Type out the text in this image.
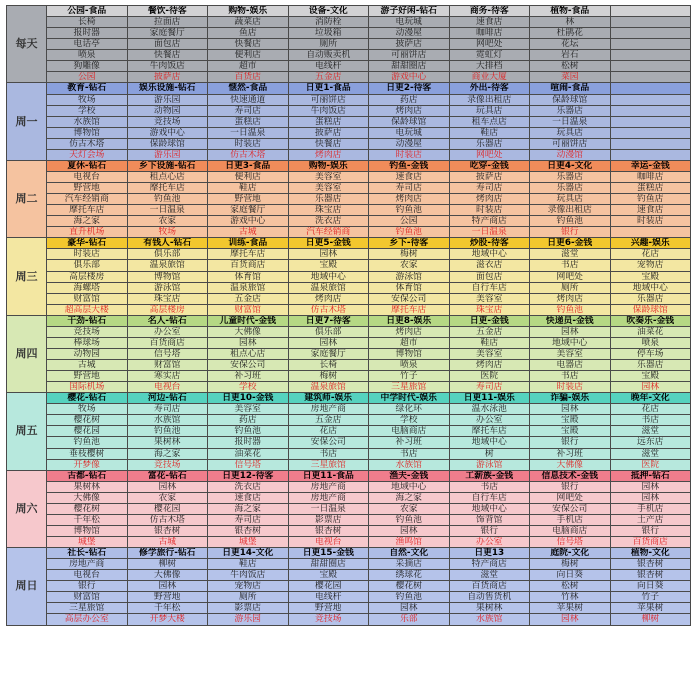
每天	公园-食品	餐饮-待客	购物-娱乐	设备-文化	游子好闲-钻石	商务-待客	植物-食品	
	长椅	拉面店	蔬菜店	消防栓	电玩城	速食店	林	
	报时器	家庭餐厅	鱼店	垃圾箱	动漫屋	咖啡店	杜鹃花	
	电话亭	面包店	快餐店	厕所	披萨店	网吧处	花坛	
	喷泉	快餐店	便利店	自动贩卖机	可丽饼店	霓虹灯	岩石	
	狗雕像	牛肉饭店	超市	电线杆	甜甜圈店	大排档	松树	
	公园	披萨店	百货店	五金店	游戏中心	商业大厦	菜园	
周一	教育-钻石	娱乐设施-钻石	惬然-食品	日更1-食品	日更2-待客	外出-待客	喧闹-食品	
	牧场	游乐园	快速通道	可丽饼店	药店	录像出租店	保龄球馆	
	学校	动物园	寿司店	牛肉饭店	烤肉店	玩具店	乐器店	
	水族馆	竞技场	蛋糕店	蛋糕店	保龄球馆	租车点店	一日温泉	
	博物馆	游戏中心	一日温泉	披萨店	电玩城	鞋店	玩具店	
	仿古木塔	保龄球馆	时装店	快餐店	动漫屋	乐器店	可丽饼店	
	天灯会场	游乐园	仿古木塔	烤肉店	时装店	网吧处	动漫馆	
周二	夏休-钻石	乡下设施-钻石	日更3-食品	购物-娱乐	钓鱼-金钱	吃穿-金钱	日更4-文化	幸运-金钱
	电视台	租点心店	便利店	美容室	速食店	披萨店	乐器店	咖啡店
	野营地	摩托车店	鞋店	美容室	寿司店	寿司店	乐器店	蛋糕店
	汽车经销商	钓鱼池	野营地	乐器店	烤肉店	烤肉店	玩具店	钓鱼店
	摩托车店	一日温泉	家庭餐厅	珠宝店	钓鱼池	时装店	录像出租店	速食店
	海之家	农家	游戏中心	洗衣店	公园	特产商店	钓鱼池	时装店
	直升机场	牧场	古城	汽车经销商	钓鱼池	一日温泉	银行	
周三	豪华-钻石	有钱人-钻石	训练-食品	日更5-金钱	乡下-待客	炒股-待客	日更6-金钱	兴趣-娱乐
	时装店	俱乐部	摩托车店	园林	梅树	地域中心	滋堂	花店
	俱乐部	温泉旅馆	百货商店	宝殿	农家	滋衣店	书店	宠物店
	高层楼房	博物馆	体育馆	地域中心	游泳馆	面包店	网吧处	宝殿
	海螺塔	游泳馆	温泉旅馆	温泉旅馆	体育馆	自行车店	厕所	地域中心
	财富馆	珠宝店	五金店	烤肉店	安保公司	美容室	烤肉店	乐器店
	超高层大楼	高层楼房	财富馆	仿古木塔	摩托车店	珠宝店	钓鱼池	保龄球馆
周四	干劲-钻石	名人-钻石	儿童时代-金钱	日更7-待客	日更8-娱乐	日更-金钱	快递员-金钱	吹奏乐-金钱
	竞技场	办公室	大佛像	俱乐部	烤肉店	五金店	园林	油菜花
	棒球场	百货商店	园林	园林	超市	鞋店	地域中心	喷泉
	动物园	信号塔	租点心店	家庭餐厅	博物馆	美容室	美容室	停车场
	古城	财富馆	安保公司	长椅	喷泉	烤肉店	电器店	乐器店
	野营地	寒实店	补习班	梅树	竹子	医院	书店	宝殿
	国际机场	电视台	学校	温泉旅馆	三星旅馆	寿司店	时装店	园林
周五	樱花-钻石	河边-钻石	日更10-金钱	建筑师-娱乐	中学时代-娱乐	日更11-娱乐	诈骗-娱乐	晚年-文化
	牧场	寿司店	美容室	房地产商	绿化环	温水泳池	园林	花店
	樱花树	水族馆	药店	五金店	学校	办公室	宝殿	书店
	樱花园	钓鱼池	钓鱼池	花店	电脑商店	摩托车店	宝殿	滋堂
	钓鱼池	果树林	报时器	安保公司	补习班	地域中心	银行	远东店
	垂枝樱树	海之家	油菜花	书店	书店	树	补习班	滋堂
	开梦像	竞技场	信号塔	三星旅馆	水族馆	游泳馆	大佛像	医院
周六	古都-钻石	富花-钻石	日更12-待客	日更11-食品	渔夫-金钱	工薪族-金钱	信息技术-金钱	抵押-钻石
	果树林	园林	洗衣店	房地产商	地域中心	书店	银行	园林
	大佛像	农家	速食店	房地产商	海之家	自行车店	网吧处	园林
	樱花树	樱花园	海之家	一日温泉	农家	地域中心	安保公司	手机店
	千年松	仿古木塔	寿司店	影票店	钓鱼池	饰背馆	手机店	土产店
	博物馆	银杏树	银杏树	银杏树	园林	银行	电脑商店	银行
	城堡	古城	城堡	电视台	渔鸣馆	办公室	信号塔	百货商店
周日	社长-钻石	修学旅行-钻石	日更14-文化	日更15-金钱	自然-文化	日更13	庭院-文化	植物-文化
	房地产商	柳树	鞋店	甜甜圈店	采摘店	特产商店	梅树	银杏树
	电视台	大佛像	牛肉饭店	宝殿	绣球花	滋堂	向日葵	银杏树
	银行	园林	宠物店	樱花园	樱花树	百货商店	松树	向日葵
	财富馆	野营地	厕所	电线杆	钓鱼池	自动售货机	竹林	竹子
	三星旅馆	千年松	影票店	野营地	园林	果树林	苹果树	苹果树
	高层办公室	开梦大楼	游乐园	竞技场	乐部	水族馆	园林	柳树
